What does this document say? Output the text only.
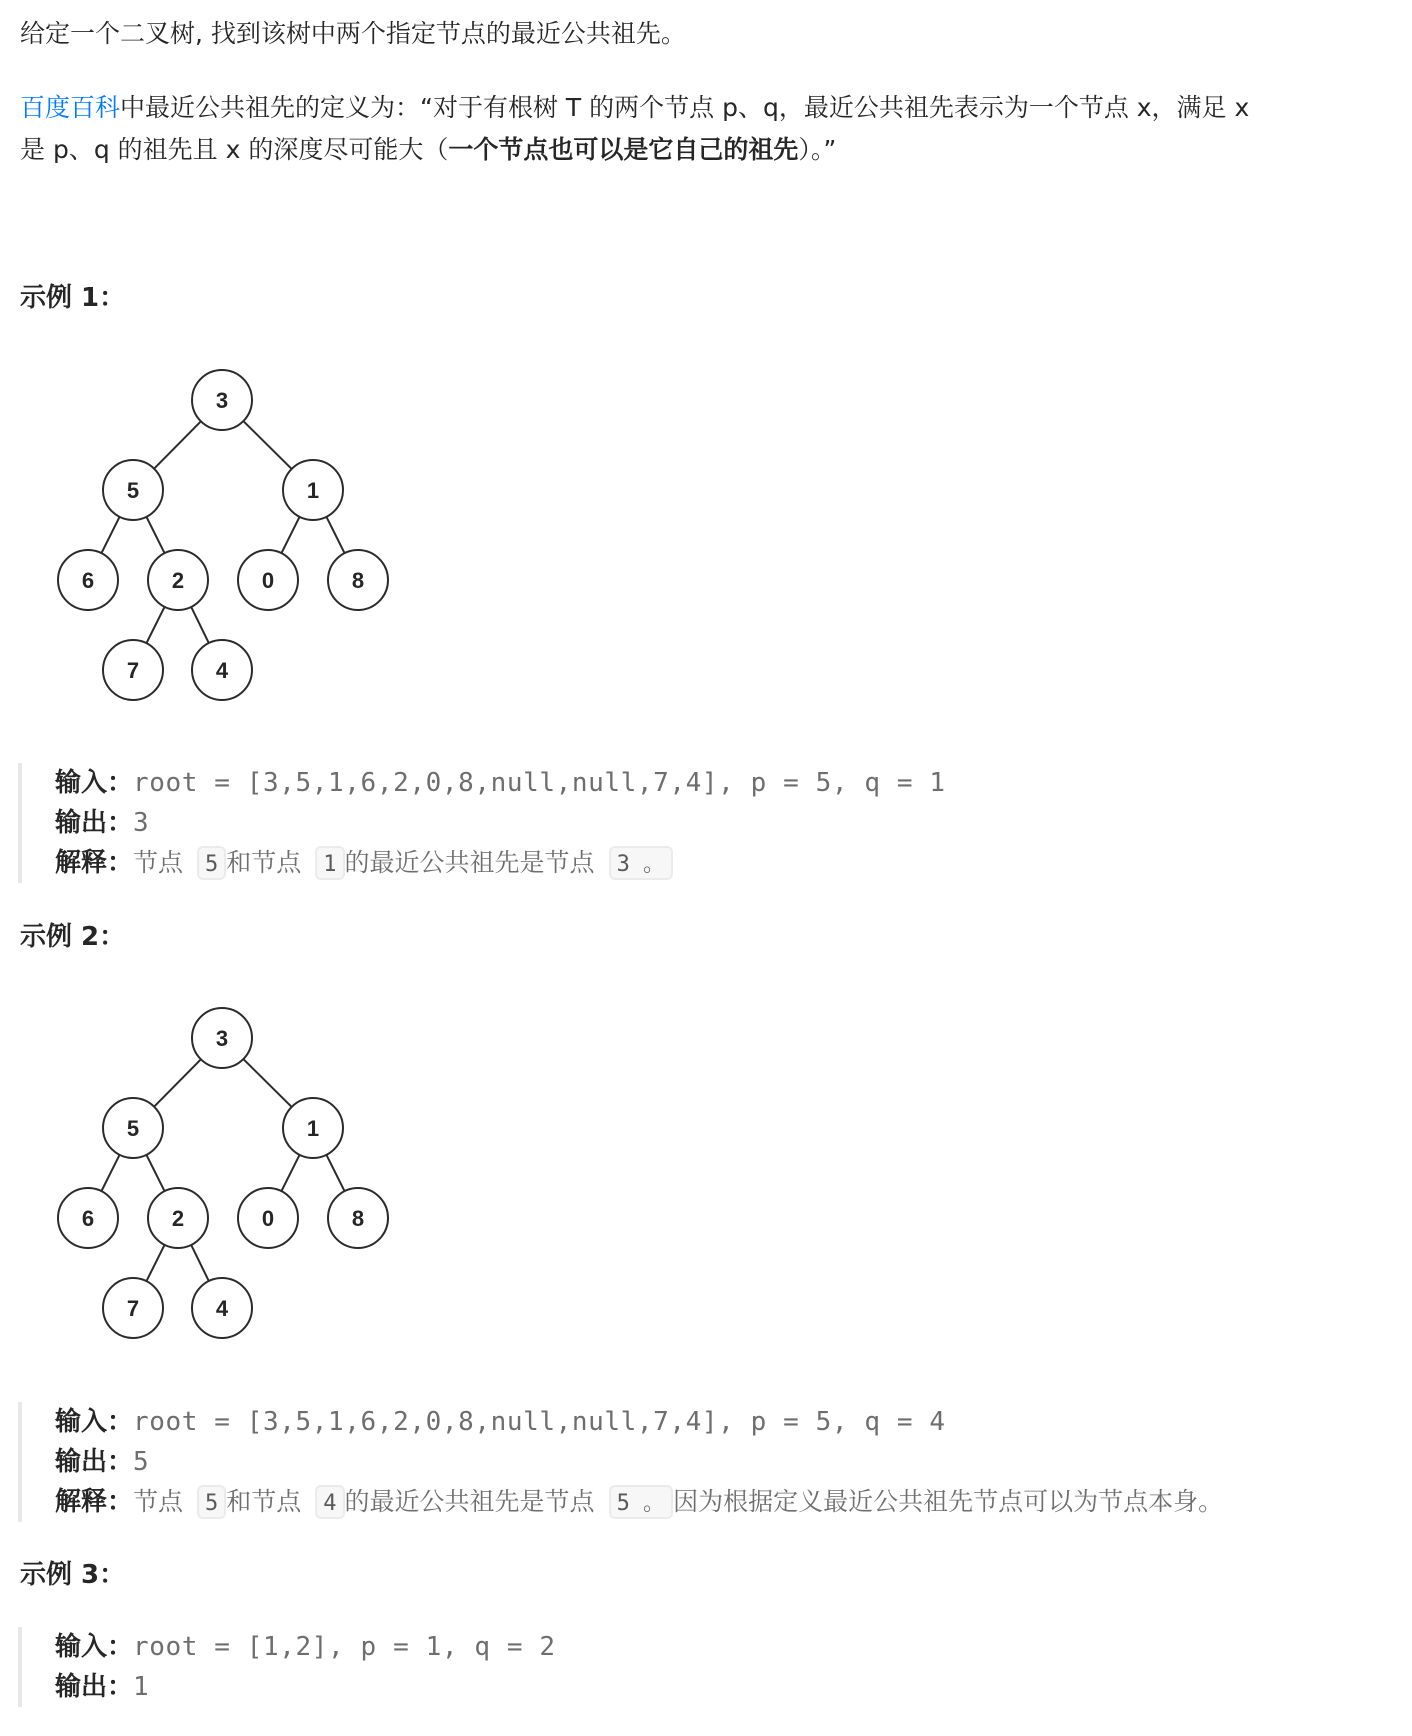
给定一个二叉树, 找到该树中两个指定节点的最近公共祖先。
百度百科中最近公共祖先的定义为：“对于有根树 T 的两个节点 p、q，最近公共祖先表示为一个节点 x，满足 x
是 p、q 的祖先且 x 的深度尽可能大（一个节点也可以是它自己的祖先）。”
示例 1：
3
5	1
6	2	0	8
7	4
输入： root = [3,5,1,6,2,0,8,null,null,7,4], p = 5, q = 1
输出： 3
解释： 节点	5 和节点	1 的最近公共祖先是节点	3 。
示例 2：
3
5	1
6	2	0	8
7	4
输入： root = [3,5,1,6,2,0,8,null,null,7,4], p = 5, q = 4
输出： 5
解释： 节点	5 和节点	4 的最近公共祖先是节点	5 。 因为根据定义最近公共祖先节点可以为节点本身。
示例 3：
输入： root = [1,2], p = 1, q = 2
输出： 1
